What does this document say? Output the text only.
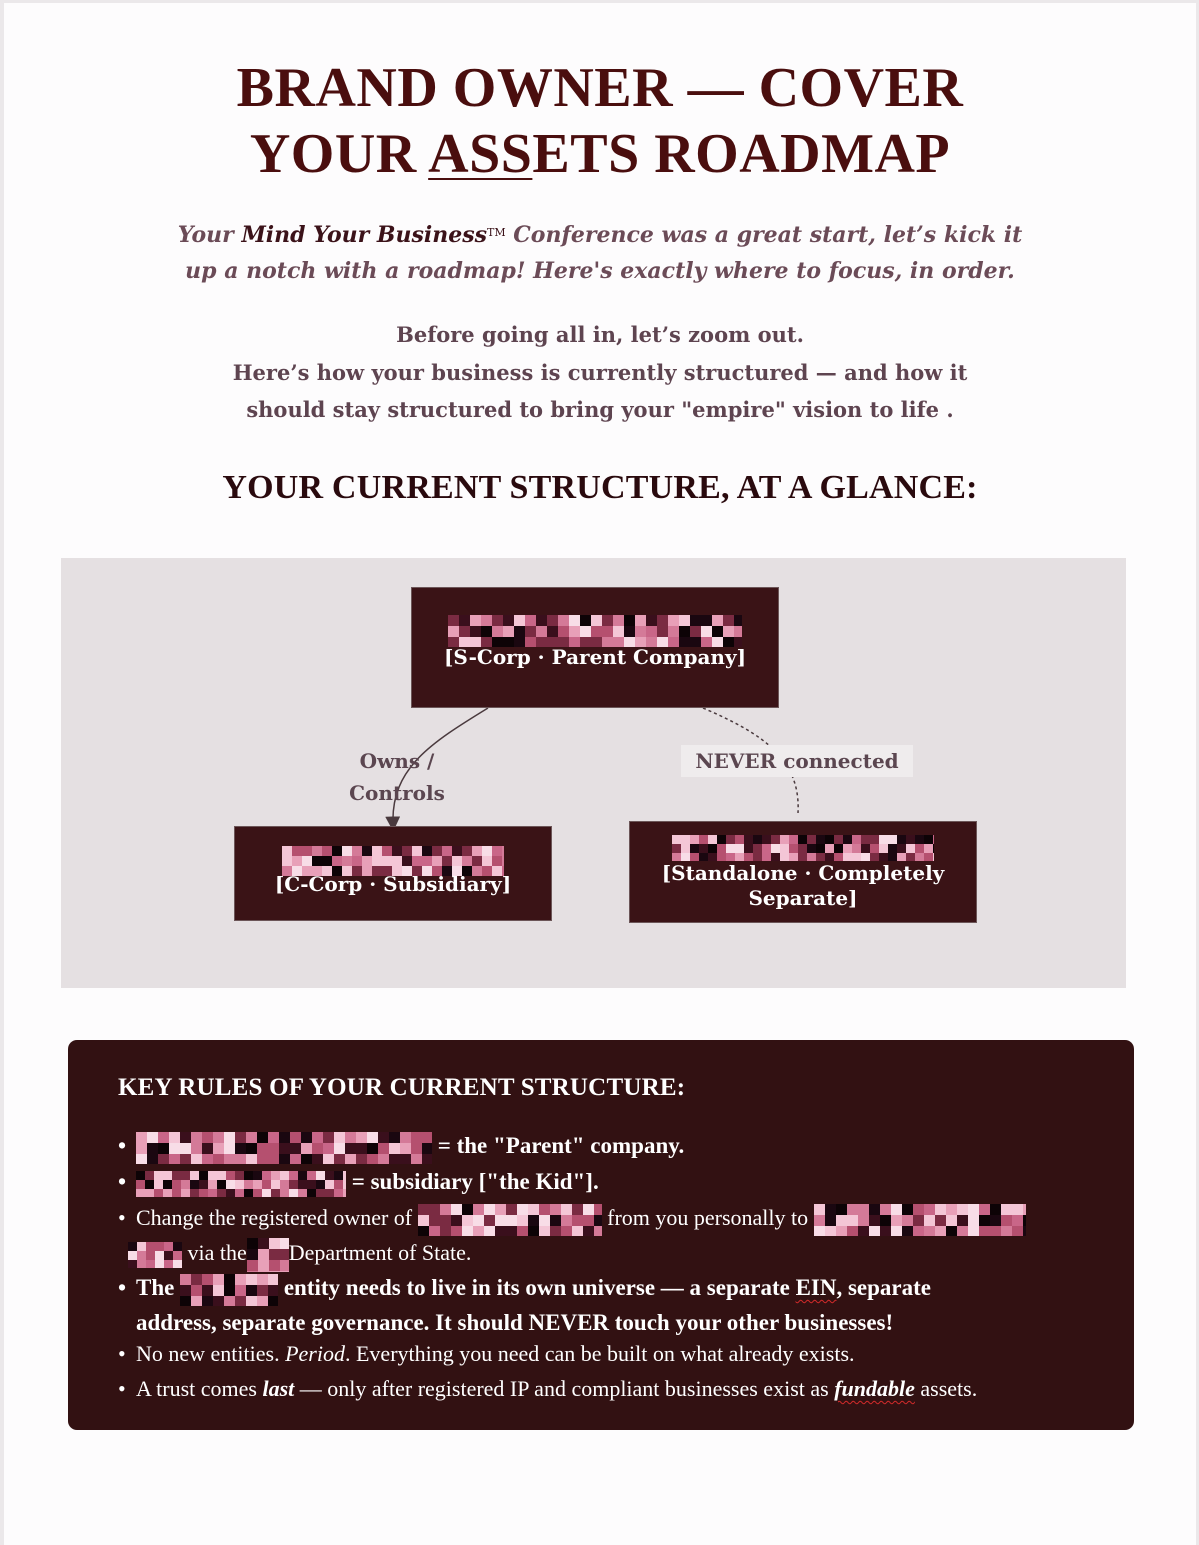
BRAND OWNER — COVER
YOUR ASSETS ROADMAP
Your Mind Your Business™ Conference was a great start, let’s kick it
up a notch with a roadmap! Here's exactly where to focus, in order.
Before going all in, let’s zoom out.
Here’s how your business is currently structured — and how it
should stay structured to bring your "empire" vision to life .
YOUR CURRENT STRUCTURE, AT A GLANCE:
Owns / Controls
NEVER connected
[S-Corp · Parent Company]
[C-Corp · Subsidiary]	[Standalone · Completely
Separate]
KEY RULES OF YOUR CURRENT STRUCTURE:
•	= the "Parent" company.
•	= subsidiary ["the Kid"].
• Change the registered owner of	from you personally to
via the Department of State.
• The	entity needs to live in its own universe — a separate EIN, separate
address, separate governance. It should NEVER touch your other businesses!
• No new entities. Period. Everything you need can be built on what already exists.
• A trust comes last — only after registered IP and compliant businesses exist as fundable assets.
